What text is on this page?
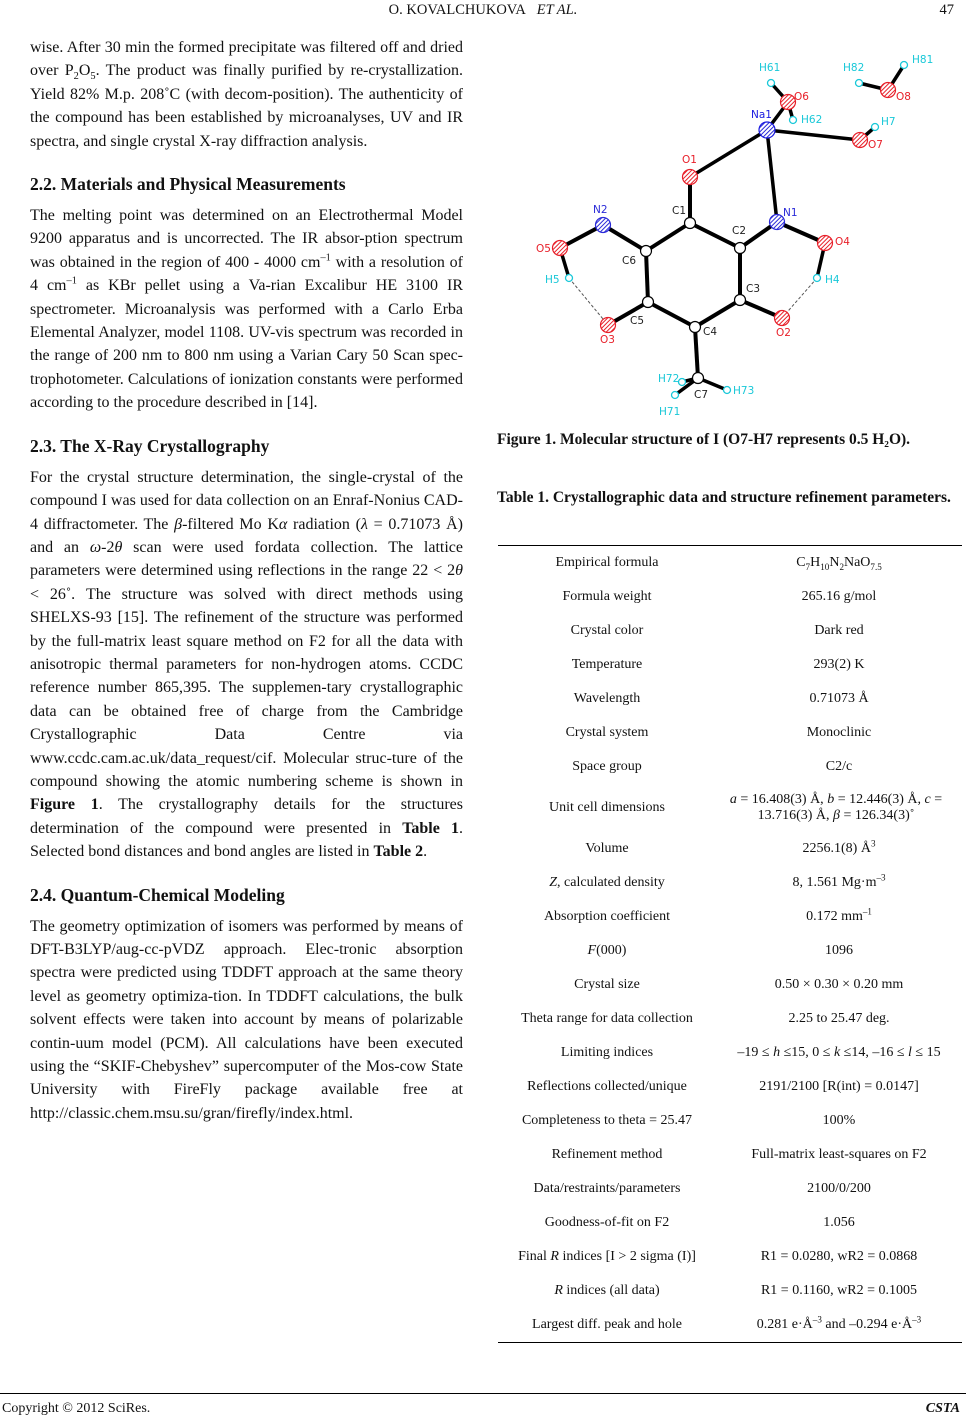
O. KOVALCHUKOVA ET AL.	47

wise. After 30 min the formed precipitate was filtered off and dried over $P_2O_5$. The product was finally purified by re-crystallization. Yield 82% M.p. 208˚C (with decom-position). The authenticity of the compound has been established by microanalyses, UV and IR spectra, and single crystal X-ray diffraction analysis.

2.2. Materials and Physical Measurements

The melting point was determined on an Electrothermal Model 9200 apparatus and is uncorrected. The IR absor-ption spectrum was obtained in the region of 400 - 4000 $cm^{-1}$ with a resolution of 4 $cm^{-1}$ as KBr pellet using a Va-rian Excalibur HE 3100 IR spectrometer. Microanalysis was performed with a Carlo Erba Elemental Analyzer, model 1108. UV-vis spectrum was recorded in the range of 200 nm to 800 nm using a Varian Cary 50 Scan spec-trophotometer. Calculations of ionization constants were performed according to the procedure described in [14].

2.3. The X-Ray Crystallography

For the crystal structure determination, the single-crystal of the compound I was used for data collection on an Enraf-Nonius CAD-4 diffractometer. The β-filtered Mo Kα radiation (λ = 0.71073 Å) and an ω-2θ scan were used fordata collection. The lattice parameters were determined using reflections in the range 22 < 2θ < 26˚. The structure was solved with direct methods using SHELXS-93 [15]. The refinement of the structure was performed by the full-matrix least square method on F2 for all the data with anisotropic thermal parameters for non-hydrogen atoms. CCDC reference number 865,395. The supplemen-tary crystallographic data can be obtained free of charge from the Cambridge Crystallographic Data Centre via www.ccdc.cam.ac.uk/data_request/cif. Molecular struc-ture of the compound showing the atomic numbering scheme is shown in Figure 1. The crystallography details for the structures determination of the compound were presented in Table 1. Selected bond distances and bond angles are listed in Table 2.

2.4. Quantum-Chemical Modeling

The geometry optimization of isomers was performed by means of DFT-B3LYP/aug-cc-pVDZ approach. Elec-tronic absorption spectra were predicted using TDDFT approach at the same theory level as geometry optimiza-tion. In TDDFT calculations, the bulk solvent effects were taken into account by means of polarizable contin-uum model (PCM). All calculations have been executed using the “SKIF-Chebyshev” supercomputer of the Mos-cow State University with FireFly package available free at http://classic.chem.msu.su/gran/firefly/index.html.

Na1
O1
O2
O3
O4
O5
O6
O7
O8
N1
N2	C1
C2
C3
C4
C5
C6
C7
H4
H5
H61
H62	H7
H71
H72
H73
H81
H82
Figure 1. Molecular structure of I (O7-H7 represents 0.5 H₂O).
Table 1. Crystallographic data and structure refinement parameters.
Empirical formula	$C_7H_{10}N_2NaO_{7.5}$
Formula weight	265.16 g/mol
Crystal color	Dark red
Temperature	293(2) K
Wavelength	0.71073 Å
Crystal system	Monoclinic
Space group	C2/c
Unit cell dimensions
a = 16.408(3) Å, b = 12.446(3) Å, c = 13.716(3) Å, β = 126.34(3)˚
Volume	2256.1(8) $Å^3$
Z, calculated density	8, 1.561 $Mg\cdot m^{-3}$
Absorption coefficient	0.172 $mm^{-1}$
F(000)	1096
Crystal size	0.50 × 0.30 × 0.20 mm
Theta range for data collection	2.25 to 25.47 deg.
Limiting indices	–19 ≤ h ≤15, 0 ≤ k ≤14, –16 ≤ l ≤ 15
Reflections collected/unique	2191/2100 [R(int) = 0.0147]
Completeness to theta = 25.47	100%
Refinement method	Full-matrix least-squares on F2
Data/restraints/parameters	2100/0/200
Goodness-of-fit on F2	1.056
Final R indices [I > 2 sigma (I)]	R1 = 0.0280, wR2 = 0.0868
R indices (all data)	R1 = 0.1160, wR2 = 0.1005
Largest diff. peak and hole	0.281 $e\cdot Å^{-3}$ and –0.294 $e\cdot Å^{-3}$
Copyright © 2012 SciRes.	CSTA
